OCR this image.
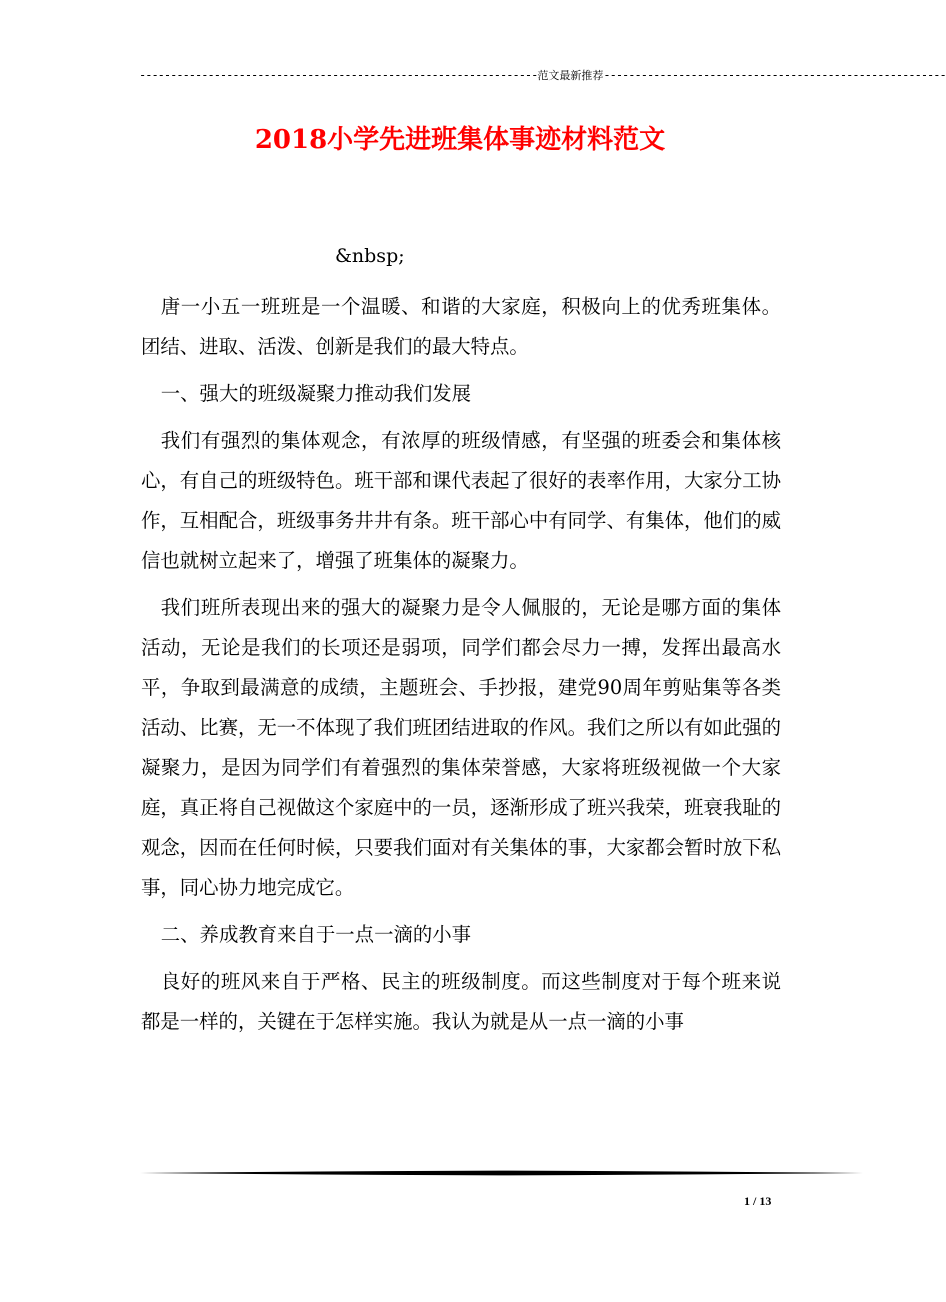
----------------------------------------------------------------范文最新推荐-------------------------------------------------------
2018小学先进班集体事迹材料范文
&nbsp;

唐一小五一班班是一个温暖、和谐的大家庭，积极向上的优秀班集体。团结、进取、活泼、创新是我们的最大特点。

一、强大的班级凝聚力推动我们发展

我们有强烈的集体观念，有浓厚的班级情感，有坚强的班委会和集体核心，有自己的班级特色。班干部和课代表起了很好的表率作用，大家分工协作，互相配合，班级事务井井有条。班干部心中有同学、有集体，他们的威信也就树立起来了，增强了班集体的凝聚力。

我们班所表现出来的强大的凝聚力是令人佩服的，无论是哪方面的集体活动，无论是我们的长项还是弱项，同学们都会尽力一搏，发挥出最高水平，争取到最满意的成绩，主题班会、手抄报，建党90周年剪贴集等各类活动、比赛，无一不体现了我们班团结进取的作风。我们之所以有如此强的凝聚力，是因为同学们有着强烈的集体荣誉感，大家将班级视做一个大家庭，真正将自己视做这个家庭中的一员，逐渐形成了班兴我荣，班衰我耻的观念，因而在任何时候，只要我们面对有关集体的事，大家都会暂时放下私事，同心协力地完成它。

二、养成教育来自于一点一滴的小事

良好的班风来自于严格、民主的班级制度。而这些制度对于每个班来说都是一样的，关键在于怎样实施。我认为就是从一点一滴的小事

1 / 13
